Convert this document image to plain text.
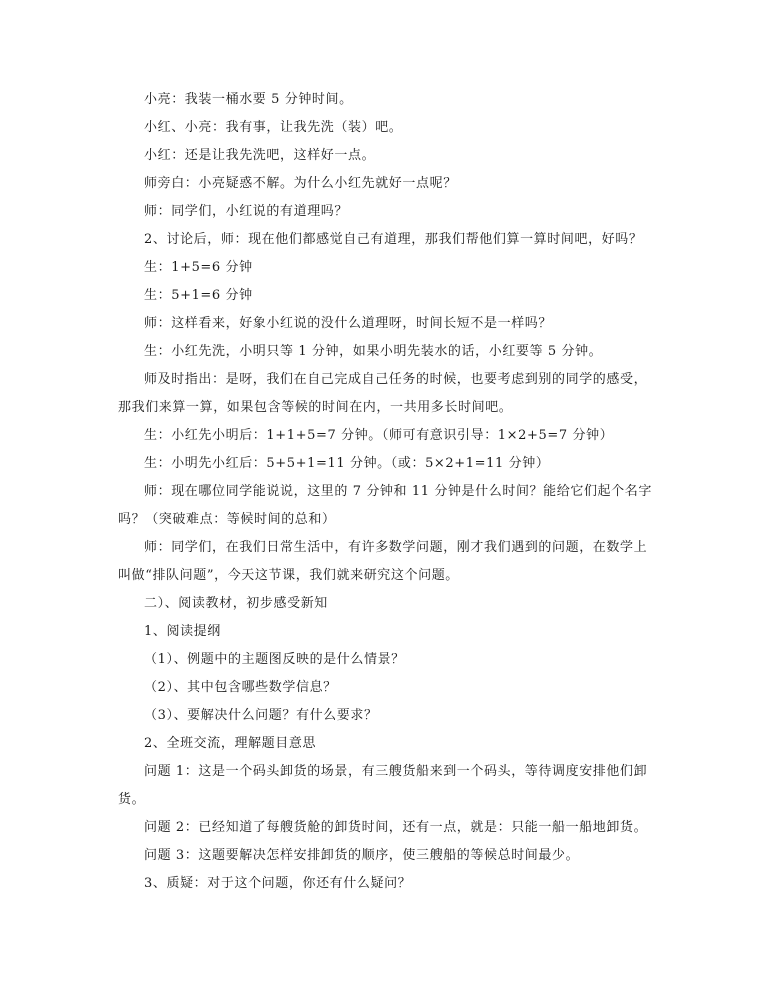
小亮：我装一桶水要 5 分钟时间。
小红、小亮：我有事，让我先洗（装）吧。
小红：还是让我先洗吧，这样好一点。
师旁白：小亮疑惑不解。为什么小红先就好一点呢？
师：同学们，小红说的有道理吗？
2、讨论后，师：现在他们都感觉自己有道理，那我们帮他们算一算时间吧，好吗？
生：1+5=6 分钟
生：5+1=6 分钟
师：这样看来，好象小红说的没什么道理呀，时间长短不是一样吗？
生：小红先洗，小明只等 1 分钟，如果小明先装水的话，小红要等 5 分钟。
师及时指出：是呀，我们在自己完成自己任务的时候，也要考虑到别的同学的感受，
那我们来算一算，如果包含等候的时间在内，一共用多长时间吧。
生：小红先小明后：1+1+5=7 分钟。（师可有意识引导：1×2+5=7 分钟）
生：小明先小红后：5+5+1=11 分钟。（或：5×2+1=11 分钟）
师：现在哪位同学能说说，这里的 7 分钟和 11 分钟是什么时间？能给它们起个名字
吗？（突破难点：等候时间的总和）
师：同学们，在我们日常生活中，有许多数学问题，刚才我们遇到的问题，在数学上
叫做“排队问题”，今天这节课，我们就来研究这个问题。
二）、阅读教材，初步感受新知
1、阅读提纲
（1）、例题中的主题图反映的是什么情景？
（2）、其中包含哪些数学信息？
（3）、要解决什么问题？有什么要求？
2、全班交流，理解题目意思
问题 1：这是一个码头卸货的场景，有三艘货船来到一个码头，等待调度安排他们卸
货。
问题 2：已经知道了每艘货舱的卸货时间，还有一点，就是：只能一船一船地卸货。
问题 3：这题要解决怎样安排卸货的顺序，使三艘船的等候总时间最少。
3、质疑：对于这个问题，你还有什么疑问？
